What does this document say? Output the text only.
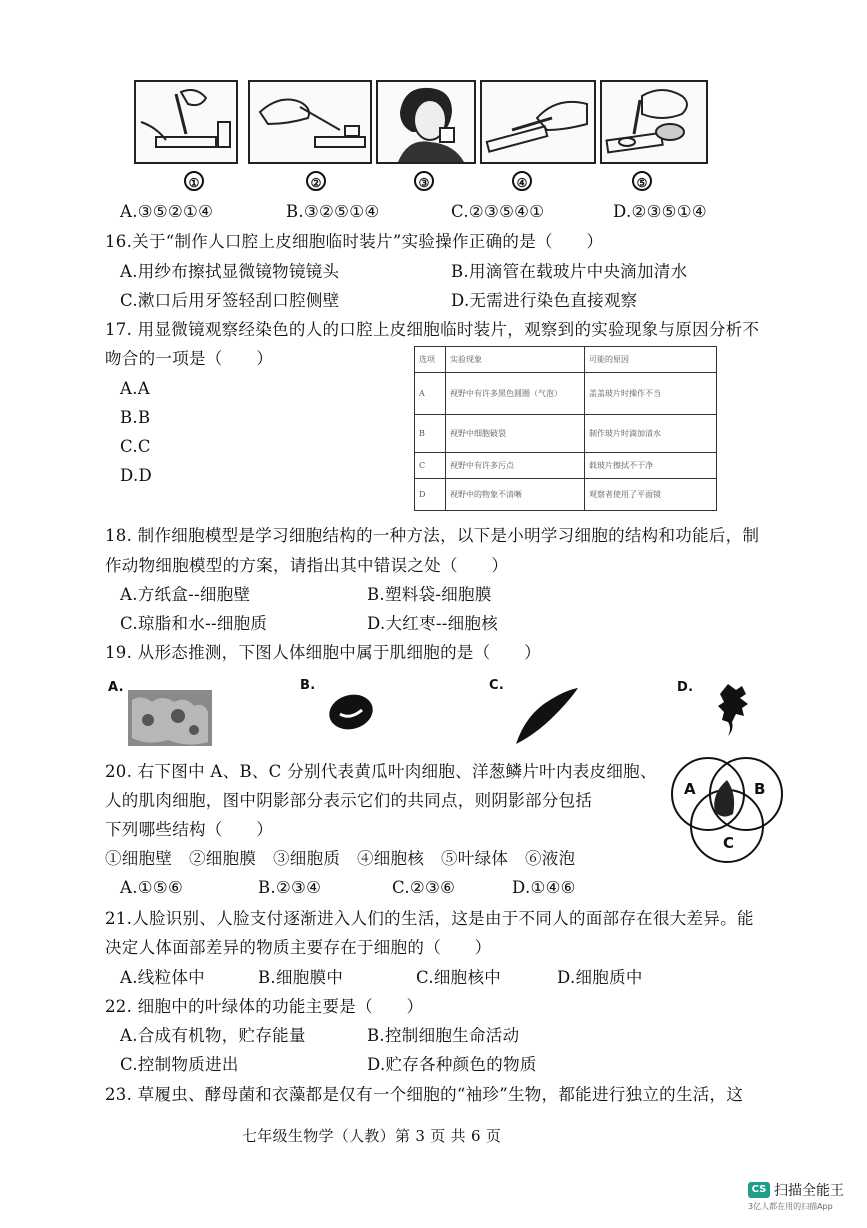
①	②	③	④	⑤
A.③⑤②①④	B.③②⑤①④	C.②③⑤④①	D.②③⑤①④
16.关于“制作人口腔上皮细胞临时装片”实验操作正确的是（　　）
A.用纱布擦拭显微镜物镜镜头	B.用滴管在载玻片中央滴加清水
C.漱口后用牙签轻刮口腔侧壁	D.无需进行染色直接观察
17. 用显微镜观察经染色的人的口腔上皮细胞临时装片，观察到的实验现象与原因分析不
吻合的一项是（　　）
A.A
B.B
C.C
D.D
选项	实验现象	可能的原因
A	视野中有许多黑色圆圈（气泡）	盖盖玻片时操作不当
B	视野中细胞破裂	制作玻片时滴加清水
C	视野中有许多污点	载玻片擦拭不干净
D	视野中的物象不清晰	观察者使用了平面镜
18. 制作细胞模型是学习细胞结构的一种方法，以下是小明学习细胞的结构和功能后，制
作动物细胞模型的方案，请指出其中错误之处（　　）
A.方纸盒--细胞壁	B.塑料袋-细胞膜
C.琼脂和水--细胞质	D.大红枣--细胞核
19. 从形态推测，下图人体细胞中属于肌细胞的是（　　）
A.	B.	C.	D.
20. 右下图中 A、B、C 分别代表黄瓜叶肉细胞、洋葱鳞片叶内表皮细胞、
人的肌肉细胞，图中阴影部分表示它们的共同点，则阴影部分包括
下列哪些结构（　　）
①细胞壁　②细胞膜　③细胞质　④细胞核　⑤叶绿体　⑥液泡
A.①⑤⑥	B.②③④	C.②③⑥	D.①④⑥
A	B
C
21.人脸识别、人脸支付逐渐进入人们的生活，这是由于不同人的面部存在很大差异。能
决定人体面部差异的物质主要存在于细胞的（　　）
A.线粒体中	B.细胞膜中	C.细胞核中	D.细胞质中
22. 细胞中的叶绿体的功能主要是（　　）
A.合成有机物，贮存能量	B.控制细胞生命活动
C.控制物质进出	D.贮存各种颜色的物质
23. 草履虫、酵母菌和衣藻都是仅有一个细胞的“袖珍”生物，都能进行独立的生活，这
七年级生物学（人教）第 3 页 共 6 页
CS 扫描全能王
3亿人都在用的扫描App
